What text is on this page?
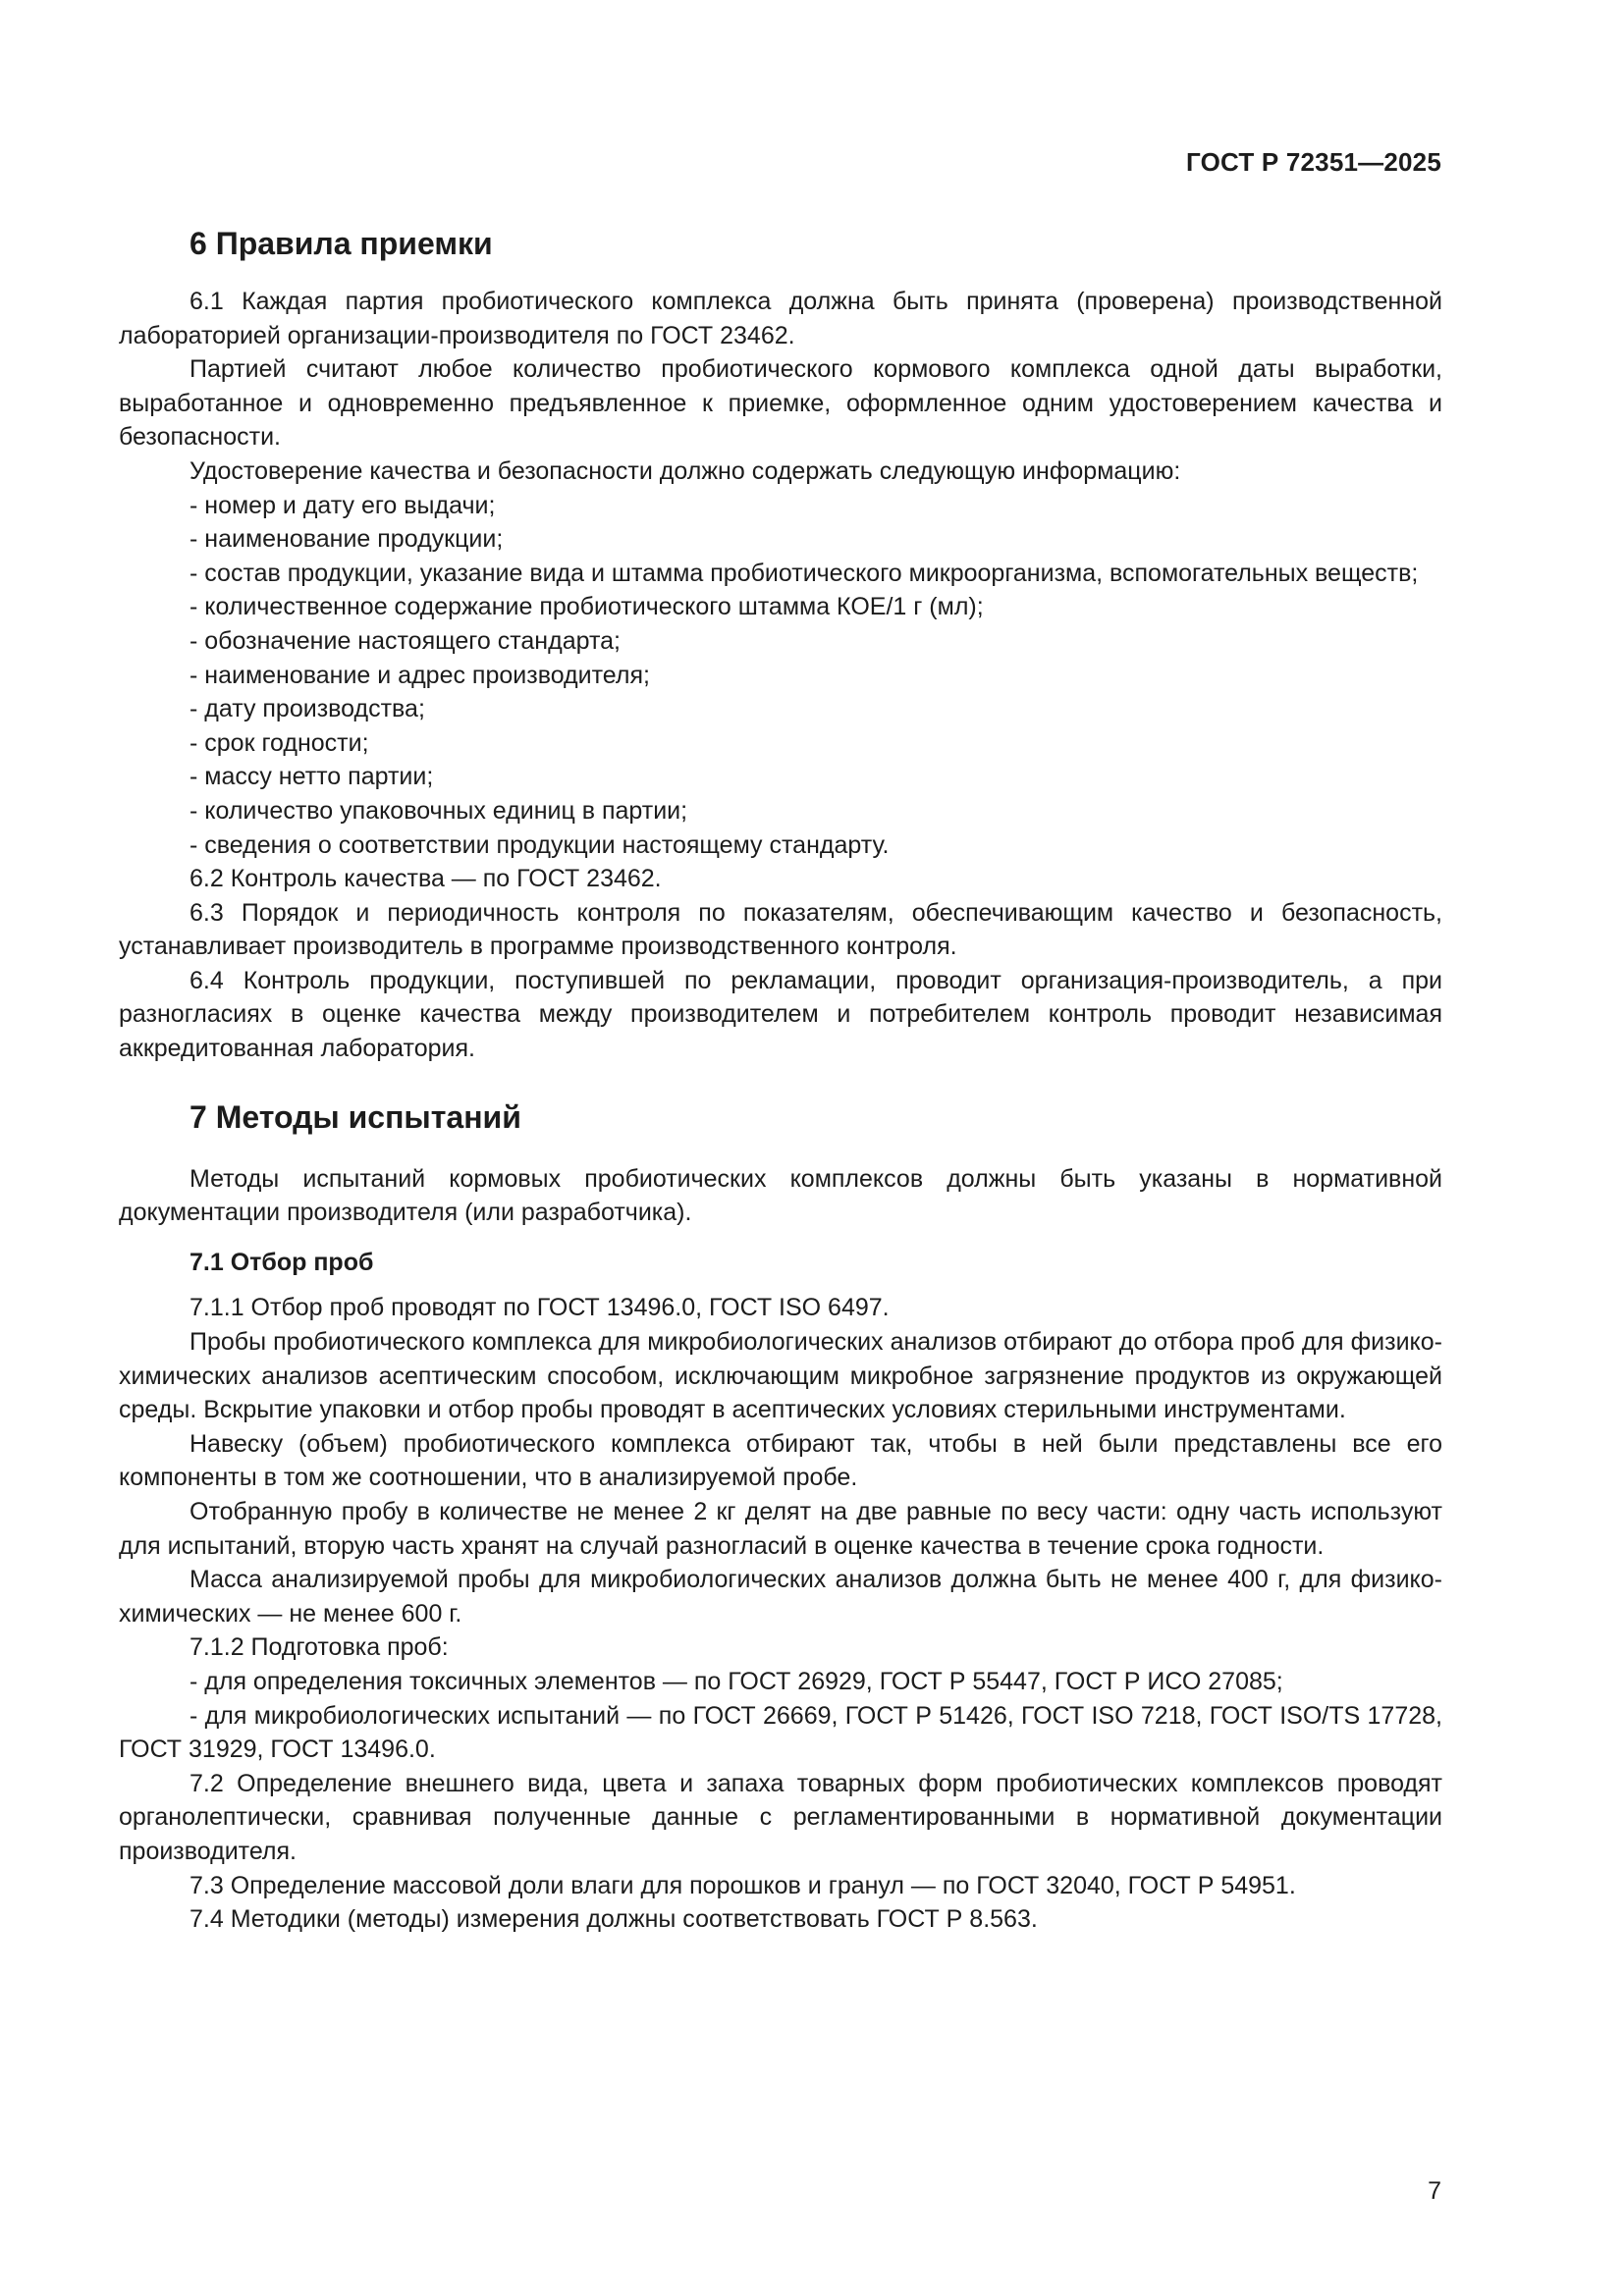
ГОСТ Р 72351—2025
6 Правила приемки

6.1 Каждая партия пробиотического комплекса должна быть принята (проверена) производственной лабораторией организации-производителя по ГОСТ 23462.

Партией считают любое количество пробиотического кормового комплекса одной даты выработки, выработанное и одновременно предъявленное к приемке, оформленное одним удостоверением качества и безопасности.

Удостоверение качества и безопасности должно содержать следующую информацию:

- номер и дату его выдачи;
- наименование продукции;

- состав продукции, указание вида и штамма пробиотического микроорганизма, вспомогательных веществ;

- количественное содержание пробиотического штамма КОЕ/1 г (мл);
- обозначение настоящего стандарта;
- наименование и адрес производителя;
- дату производства;
- срок годности;
- массу нетто партии;
- количество упаковочных единиц в партии;
- сведения о соответствии продукции настоящему стандарту.

6.2 Контроль качества — по ГОСТ 23462.

6.3 Порядок и периодичность контроля по показателям, обеспечивающим качество и безопасность, устанавливает производитель в программе производственного контроля.

6.4 Контроль продукции, поступившей по рекламации, проводит организация-производитель, а при разногласиях в оценке качества между производителем и потребителем контроль проводит независимая аккредитованная лаборатория.

7 Методы испытаний

Методы испытаний кормовых пробиотических комплексов должны быть указаны в нормативной документации производителя (или разработчика).

7.1 Отбор проб

7.1.1 Отбор проб проводят по ГОСТ 13496.0, ГОСТ ISO 6497.

Пробы пробиотического комплекса для микробиологических анализов отбирают до отбора проб для физико-химических анализов асептическим способом, исключающим микробное загрязнение продуктов из окружающей среды. Вскрытие упаковки и отбор пробы проводят в асептических условиях стерильными инструментами.

Навеску (объем) пробиотического комплекса отбирают так, чтобы в ней были представлены все его компоненты в том же соотношении, что в анализируемой пробе.

Отобранную пробу в количестве не менее 2 кг делят на две равные по весу части: одну часть используют для испытаний, вторую часть хранят на случай разногласий в оценке качества в течение срока годности.

Масса анализируемой пробы для микробиологических анализов должна быть не менее 400 г, для физико-химических — не менее 600 г.

7.1.2 Подготовка проб:

- для определения токсичных элементов — по ГОСТ 26929, ГОСТ Р 55447, ГОСТ Р ИСО 27085;

- для микробиологических испытаний — по ГОСТ 26669, ГОСТ Р 51426, ГОСТ ISO 7218, ГОСТ ISO/TS 17728, ГОСТ 31929, ГОСТ 13496.0.

7.2 Определение внешнего вида, цвета и запаха товарных форм пробиотических комплексов проводят органолептически, сравнивая полученные данные с регламентированными в нормативной документации производителя.

7.3 Определение массовой доли влаги для порошков и гранул — по ГОСТ 32040, ГОСТ Р 54951.

7.4 Методики (методы) измерения должны соответствовать ГОСТ Р 8.563.

7
